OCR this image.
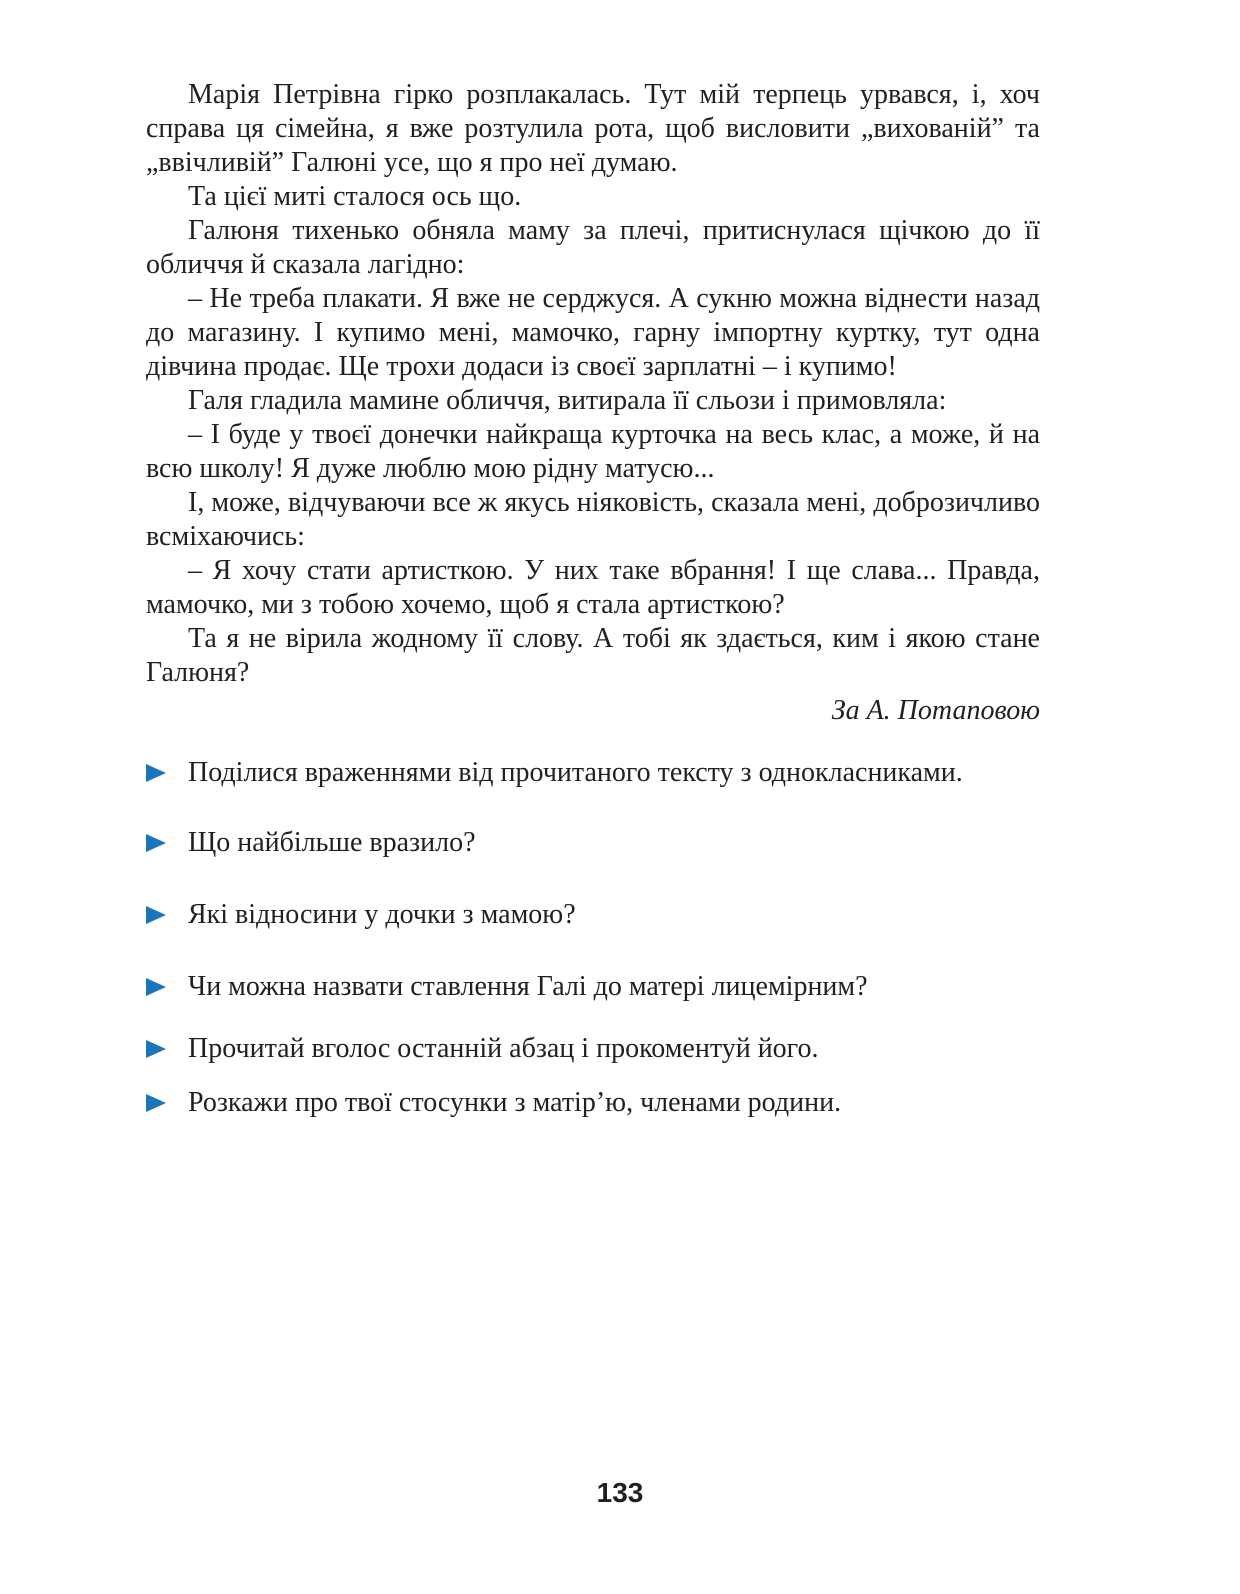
Марія Петрівна гірко розплакалась. Тут мій терпець урвався, і, хоч справа ця сімейна, я вже розтулила рота, щоб висловити „вихованій” та „ввічливій” Галюні усе, що я про неї думаю.

Та цієї миті сталося ось що.

Галюня тихенько обняла маму за плечі, притиснулася щічкою до її обличчя й сказала лагідно:

– Не треба плакати. Я вже не серджуся. А сукню можна віднести назад до магазину. І купимо мені, мамочко, гарну імпортну куртку, тут одна дівчина продає. Ще трохи додаси із своєї зарплатні – і купимо!

Галя гладила мамине обличчя, витирала її сльози і примовляла:

– І буде у твоєї донечки найкраща курточка на весь клас, а може, й на всю школу! Я дуже люблю мою рідну матусю...

І, може, відчуваючи все ж якусь ніяковість, сказала мені, доброзичливо всміхаючись:

– Я хочу стати артисткою. У них таке вбрання! І ще слава... Правда, мамочко, ми з тобою хочемо, щоб я стала артисткою?

Та я не вірила жодному її слову. А тобі як здається, ким і якою стане Галюня?

За А. Потаповою

Поділися враженнями від прочитаного тексту з однокласниками.
Що найбільше вразило?
Які відносини у дочки з мамою?
Чи можна назвати ставлення Галі до матері лицемірним?
Прочитай вголос останній абзац і прокоментуй його.
Розкажи про твої стосунки з матір’ю, членами родини.
133
